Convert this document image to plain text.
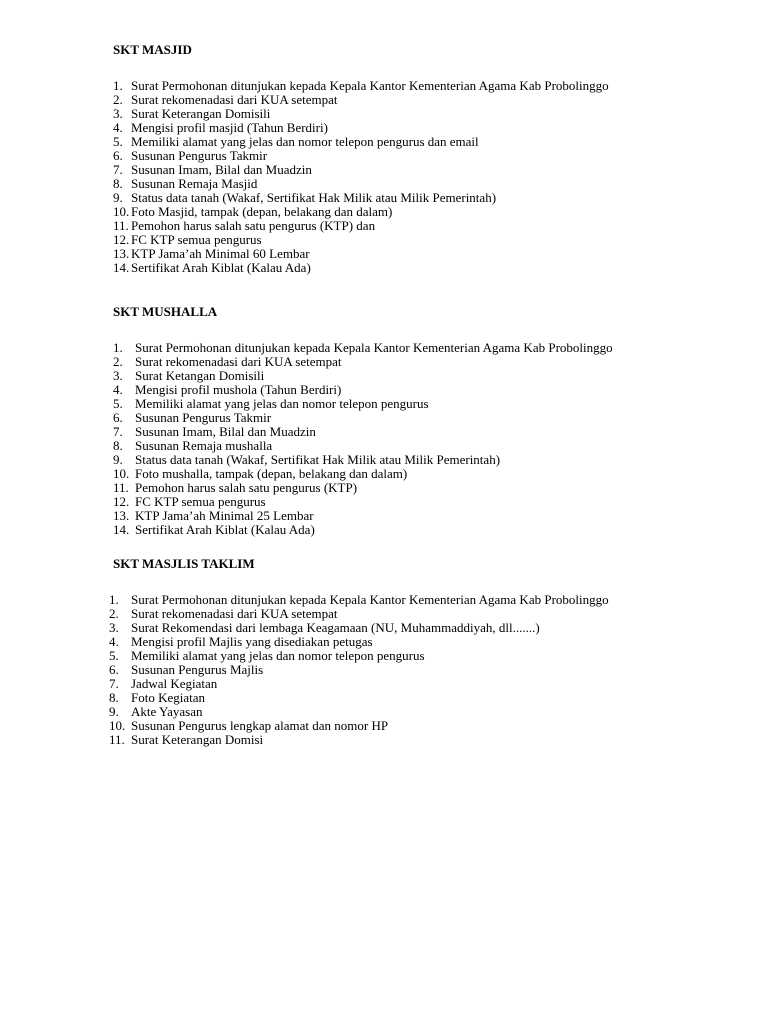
SKT MASJID

1. Surat Permohonan ditunjukan kepada Kepala Kantor Kementerian Agama Kab Probolinggo
2. Surat rekomenadasi dari KUA setempat
3. Surat Keterangan Domisili
4. Mengisi profil masjid (Tahun Berdiri)
5. Memiliki alamat yang jelas dan nomor telepon pengurus dan email
6. Susunan Pengurus Takmir
7. Susunan Imam, Bilal dan Muadzin
8. Susunan Remaja Masjid
9. Status data tanah (Wakaf, Sertifikat Hak Milik atau Milik Pemerintah)
10. Foto Masjid, tampak (depan, belakang dan dalam)
11. Pemohon harus salah satu pengurus (KTP) dan
12. FC KTP semua pengurus
13. KTP Jama’ah Minimal 60 Lembar
14. Sertifikat Arah Kiblat (Kalau Ada)

SKT MUSHALLA

1. Surat Permohonan ditunjukan kepada Kepala Kantor Kementerian Agama Kab Probolinggo
2. Surat rekomenadasi dari KUA setempat
3. Surat Ketangan Domisili
4. Mengisi profil mushola (Tahun Berdiri)
5. Memiliki alamat yang jelas dan nomor telepon pengurus
6. Susunan Pengurus Takmir
7. Susunan Imam, Bilal dan Muadzin
8. Susunan Remaja mushalla
9. Status data tanah (Wakaf, Sertifikat Hak Milik atau Milik Pemerintah)
10. Foto mushalla, tampak (depan, belakang dan dalam)
11. Pemohon harus salah satu pengurus (KTP)
12. FC KTP semua pengurus
13. KTP Jama’ah Minimal 25 Lembar
14. Sertifikat Arah Kiblat (Kalau Ada)

SKT MASJLIS TAKLIM

1. Surat Permohonan ditunjukan kepada Kepala Kantor Kementerian Agama Kab Probolinggo
2. Surat rekomenadasi dari KUA setempat
3. Surat Rekomendasi dari lembaga Keagamaan (NU, Muhammaddiyah, dll.......)
4. Mengisi profil Majlis yang disediakan petugas
5. Memiliki alamat yang jelas dan nomor telepon pengurus
6. Susunan Pengurus Majlis
7. Jadwal Kegiatan
8. Foto Kegiatan
9. Akte Yayasan
10. Susunan Pengurus lengkap alamat dan nomor HP
11. Surat Keterangan Domisi
